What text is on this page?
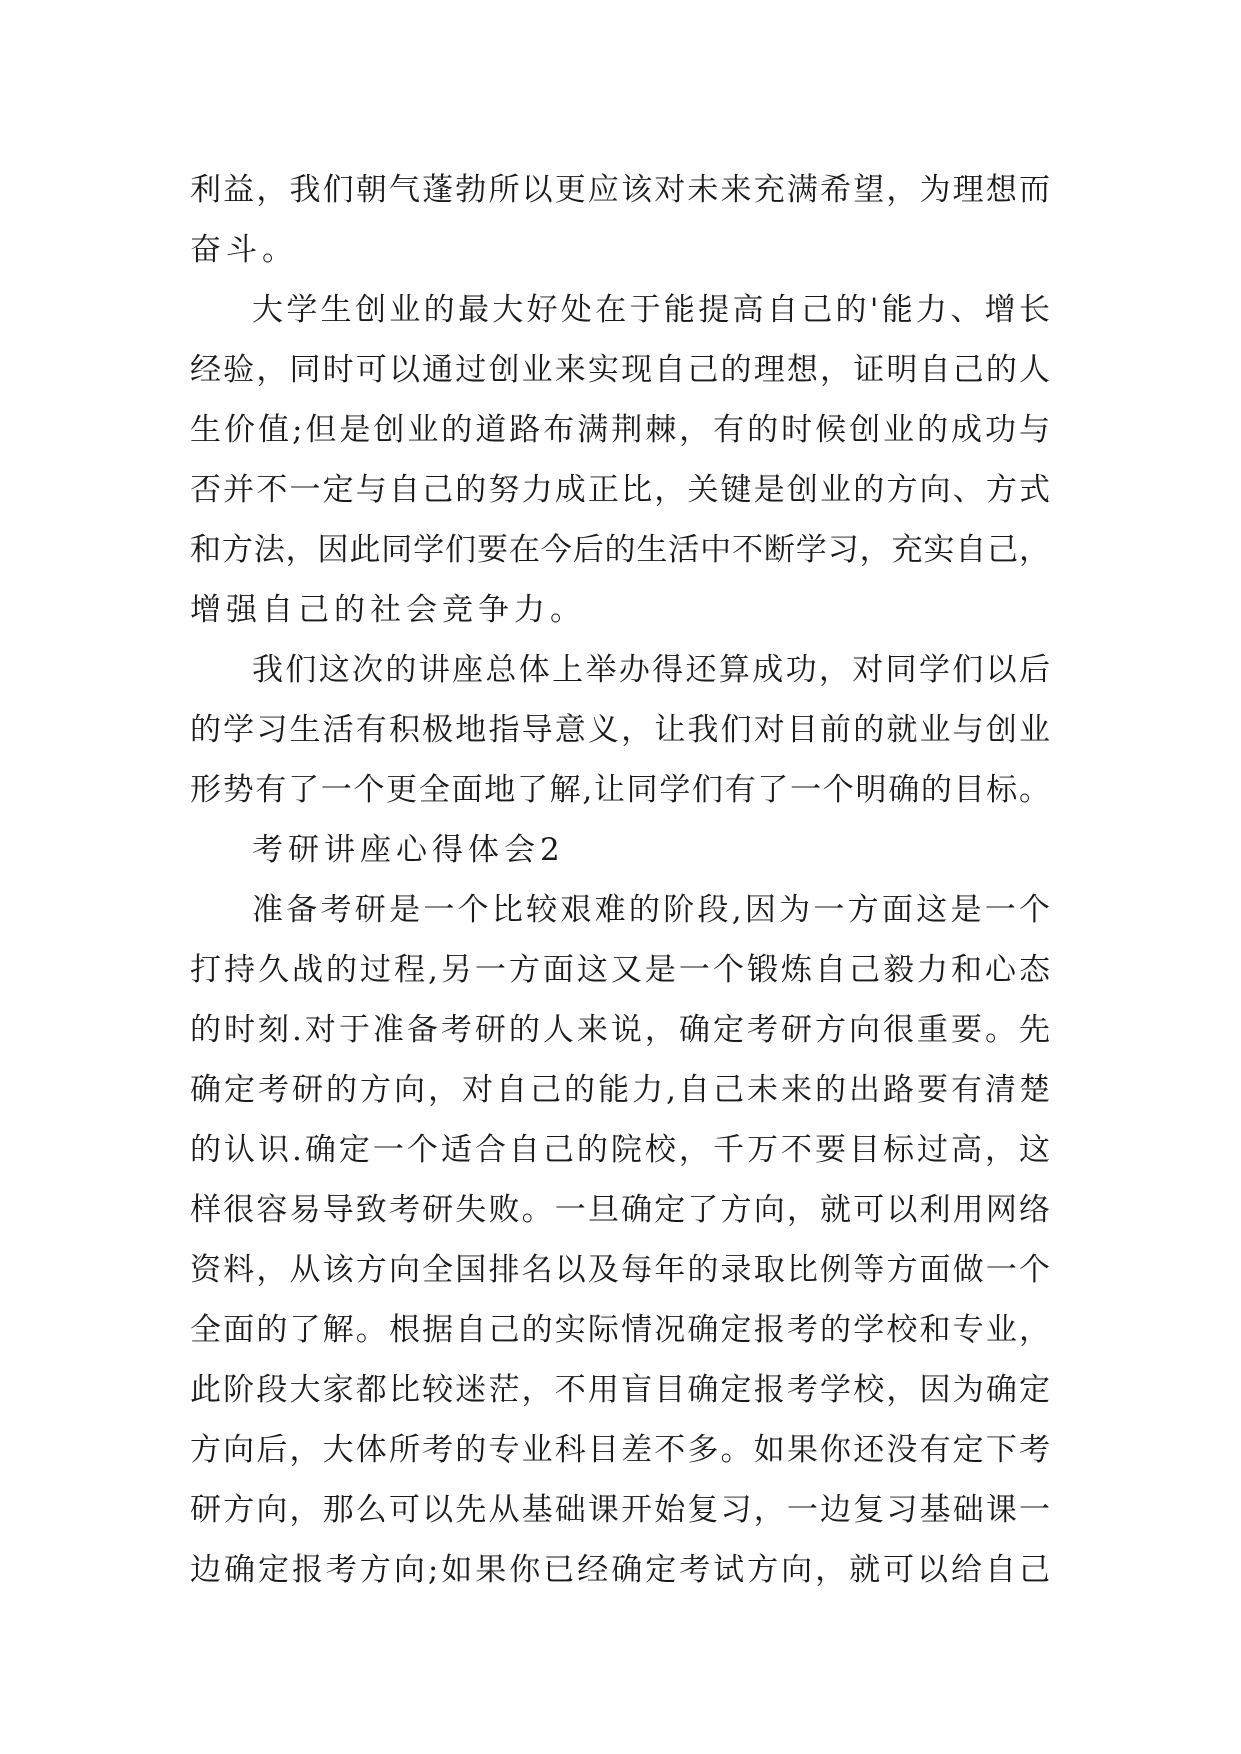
利益，我们朝气蓬勃所以更应该对未来充满希望，为理想而
奋斗。
大学生创业的最大好处在于能提高自己的'能力、增长
经验，同时可以通过创业来实现自己的理想，证明自己的人
生价值;但是创业的道路布满荆棘，有的时候创业的成功与
否并不一定与自己的努力成正比，关键是创业的方向、方式
和方法，因此同学们要在今后的生活中不断学习，充实自己，
增强自己的社会竞争力。
我们这次的讲座总体上举办得还算成功，对同学们以后
的学习生活有积极地指导意义，让我们对目前的就业与创业
形势有了一个更全面地了解,让同学们有了一个明确的目标。
考研讲座心得体会2
准备考研是一个比较艰难的阶段,因为一方面这是一个
打持久战的过程,另一方面这又是一个锻炼自己毅力和心态
的时刻.对于准备考研的人来说，确定考研方向很重要。先
确定考研的方向，对自己的能力,自己未来的出路要有清楚
的认识.确定一个适合自己的院校，千万不要目标过高，这
样很容易导致考研失败。一旦确定了方向，就可以利用网络
资料，从该方向全国排名以及每年的录取比例等方面做一个
全面的了解。根据自己的实际情况确定报考的学校和专业，
此阶段大家都比较迷茫，不用盲目确定报考学校，因为确定
方向后，大体所考的专业科目差不多。如果你还没有定下考
研方向，那么可以先从基础课开始复习，一边复习基础课一
边确定报考方向;如果你已经确定考试方向，就可以给自己
